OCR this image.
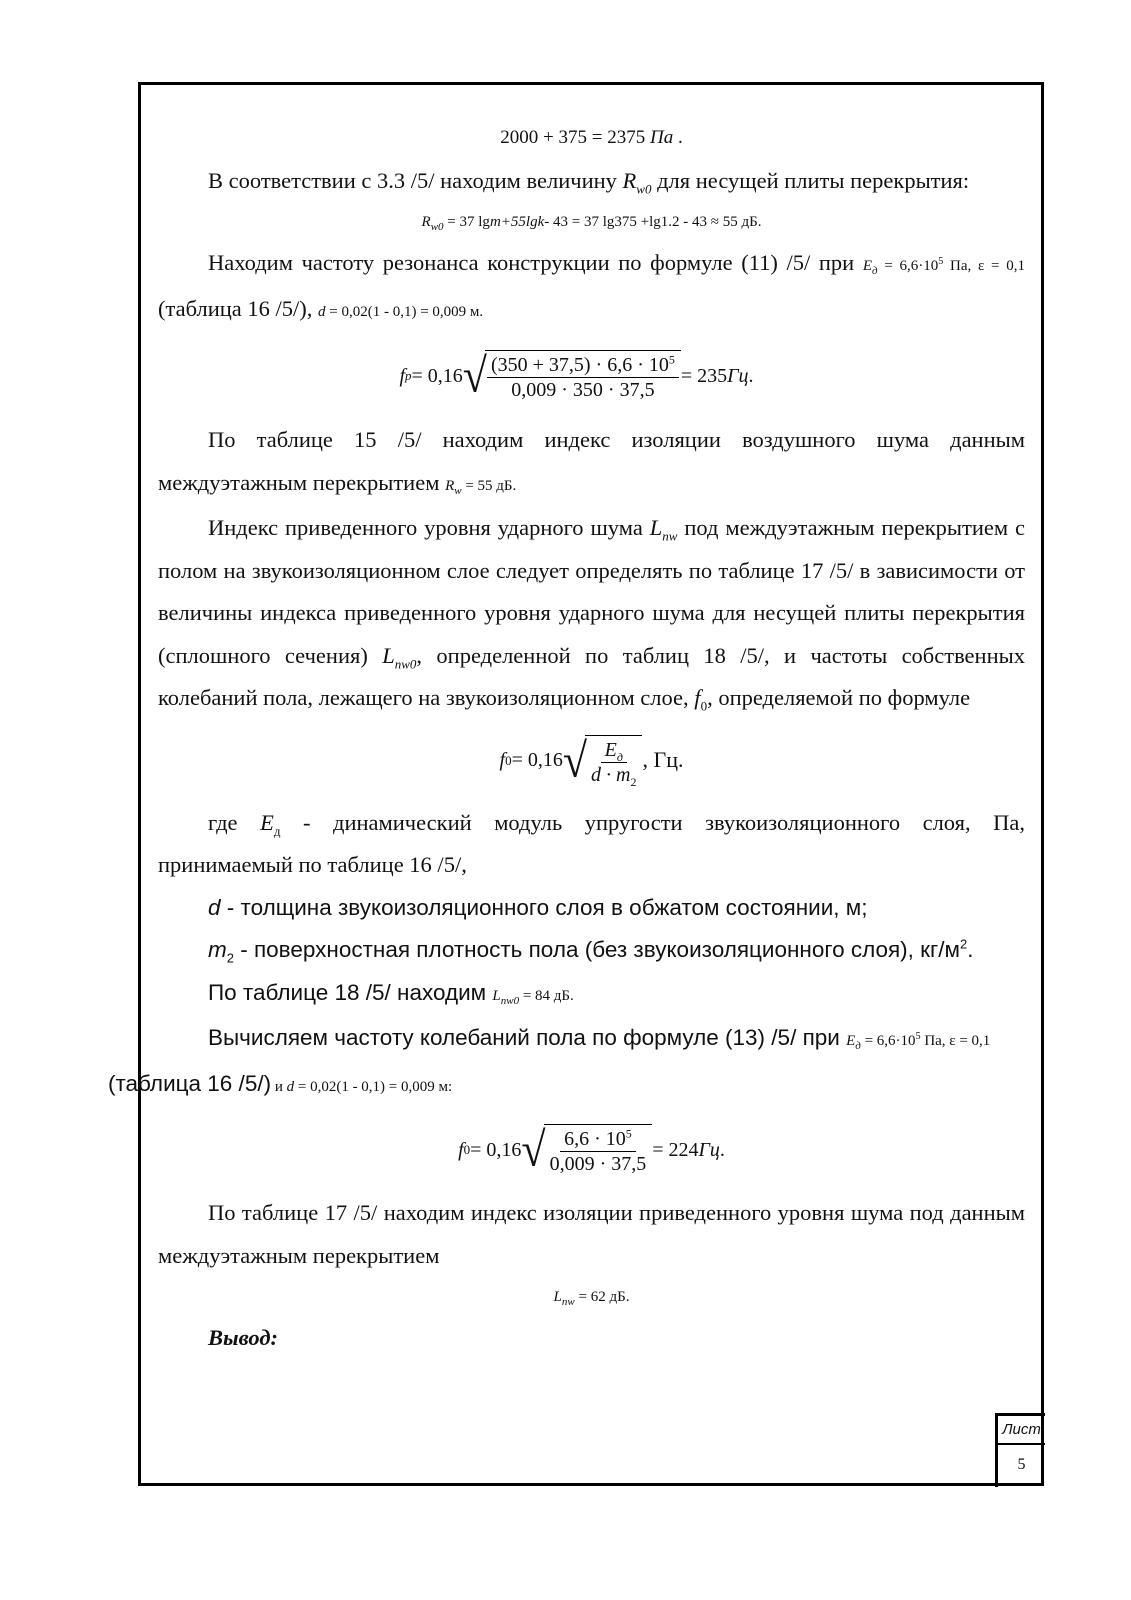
2000 + 375 = 2375 Па .

В соответствии с 3.3 /5/ находим величину $R_{w0}$ для несущей плиты перекрытия:

$R_{w0} = 37$ lgm+55lgk- 43 = 37 lg375 +lg1.2 - 43 ≈ 55 дБ.

Находим частоту резонанса конструкции по формуле (11) /5/ при $E_д = 6,6\cdot 10^5$ Па, ε = 0,1 (таблица 16 /5/), d = 0,02(1 - 0,1) = 0,009 м.

f p = 0,16 √ $\frac{(350 + 37,5) \cdot 6,6 \cdot 10^5}{0,009 \cdot 350 \cdot 37,5} = 235$ Гц .

По таблице 15 /5/ находим индекс изоляции воздушного шума данным междуэтажным перекрытием $R_w = 55$ дБ.

Индекс приведенного уровня ударного шума $L_{nw}$ под междуэтажным перекрытием с полом на звукоизоляционном слое следует определять по таблице 17 /5/ в зависимости от величины индекса приведенного уровня ударного шума для несущей плиты перекрытия (сплошного сечения) $L_{nw0}$, определенной по таблиц 18 /5/, и частоты собственных колебаний пола, лежащего на звукоизоляционном слое, $f_0$, определяемой по формуле

f 0 = 0,16 √ $\frac{E_д}{d \cdot m_2}$ , Гц.

где $E_д$ - динамический модуль упругости звукоизоляционного слоя, Па, принимаемый по таблице 16 /5/,

d - толщина звукоизоляционного слоя в обжатом состоянии, м;

$m_2$ - поверхностная плотность пола (без звукоизоляционного слоя), $кг/м^2$.

По таблице 18 /5/ находим $L_{nw0} = 84$ дБ.

Вычисляем частоту колебаний пола по формуле (13) /5/ при $E_д = 6,6\cdot 10^5$ Па, ε = 0,1
(таблица 16 /5/) и d = 0,02(1 - 0,1) = 0,009 м:

f 0 = 0,16 √ $\frac{6,6 \cdot 10^5}{0,009 \cdot 37,5} = 224$ Гц .

По таблице 17 /5/ находим индекс изоляции приведенного уровня шума под данным междуэтажным перекрытием

$L_{nw} = 62$ дБ.

Вывод:

Лист
5
